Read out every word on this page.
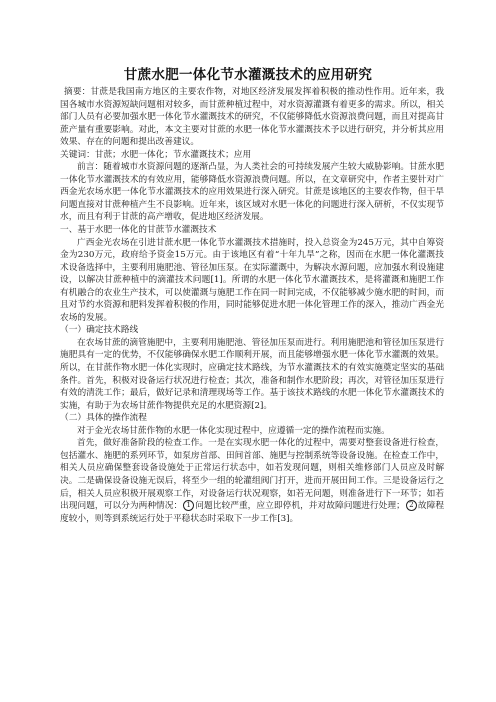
甘蔗水肥一体化节水灌溉技术的应用研究

摘要：甘蔗是我国南方地区的主要农作物，对地区经济发展发挥着积极的推动性作用。近年来，我国各城市水资源短缺问题相对较多，而甘蔗种植过程中，对水资源灌溉有着更多的需求。所以，相关部门人员有必要加强水肥一体化节水灌溉技术的研究，不仅能够降低水资源浪费问题，而且对提高甘蔗产量有重要影响。对此，本文主要对甘蔗的水肥一体化节水灌溉技术予以进行研究，并分析其应用效果、存在的问题和提出改善建议。

关键词：甘蔗；水肥一体化；节水灌溉技术；应用

前言：随着城市水资源问题的逐渐凸显，为人类社会的可持续发展产生较大威胁影响。甘蔗水肥一体化节水灌溉技术的有效应用，能够降低水资源浪费问题。所以，在文章研究中，作者主要针对广西金光农场水肥一体化节水灌溉技术的应用效果进行深入研究。甘蔗是该地区的主要农作物，但干旱问题直接对甘蔗种植产生不良影响。近年来，该区域对水肥一体化的问题进行深入研析，不仅实现节水，而且有利于甘蔗的高产增收，促进地区经济发展。

一、基于水肥一体化的甘蔗节水灌溉技术

广西金光农场在引进甘蔗水肥一体化节水灌溉技术措施时，投入总资金为245万元，其中自筹资金为230万元，政府给予资金15万元。由于该地区有着“十年九旱”之称，因而在水肥一体化灌溉技术设备选择中，主要利用施肥池、管径加压泵。在实际灌溉中，为解决水源问题，应加强水利设施建设，以解决甘蔗种植中的滴灌技术问题[1]。所谓的水肥一体化节水灌溉技术，是将灌溉和施肥工作有机融合的农业生产技术，可以使灌溉与施肥工作在同一时间完成，不仅能够减少施水肥的时间，而且对节约水资源和肥料发挥着积极的作用，同时能够促进水肥一体化管理工作的深入，推动广西金光农场的发展。

（一）确定技术路线

在农场甘蔗的滴管施肥中，主要利用施肥池、管径加压泵而进行。利用施肥池和管径加压泵进行施肥具有一定的优势，不仅能够确保水肥工作顺利开展，而且能够增强水肥一体化节水灌溉的效果。所以，在甘蔗作物水肥一体化实现时，应确定技术路线，为节水灌溉技术的有效实施奠定坚实的基础条件。首先，积极对设备运行状况进行检查；其次，准备和制作水肥阶段；再次，对管径加压泵进行有效的清洗工作；最后，做好记录和清理现场等工作。基于该技术路线的水肥一体化节水灌溉技术的实施，有助于为农场甘蔗作物提供充足的水肥资源[2]。

（二）具体的操作流程

对于金光农场甘蔗作物的水肥一体化实现过程中，应遵循一定的操作流程而实施。

首先，做好准备阶段的检查工作。一是在实现水肥一体化的过程中，需要对整套设备进行检查，包括灌水、施肥的系列环节，如泵房首部、田间首部、施肥与控制系统等设备设施。在检查工作中，相关人员应确保整套设备设施处于正常运行状态中，如若发现问题，则相关维修部门人员应及时解决。二是确保设备设施无误后，将至少一组的轮灌组阀门打开，进而开展田间工作。三是设备运行之后，相关人员应积极开展观察工作，对设备运行状况观察，如若无问题，则准备进行下一环节；如若出现问题，可以分为两种情况： 1 问题比较严重，应立即停机，并对故障问题进行处理； 2 故障程度较小，则等到系统运行处于平稳状态时采取下一步工作[3]。
